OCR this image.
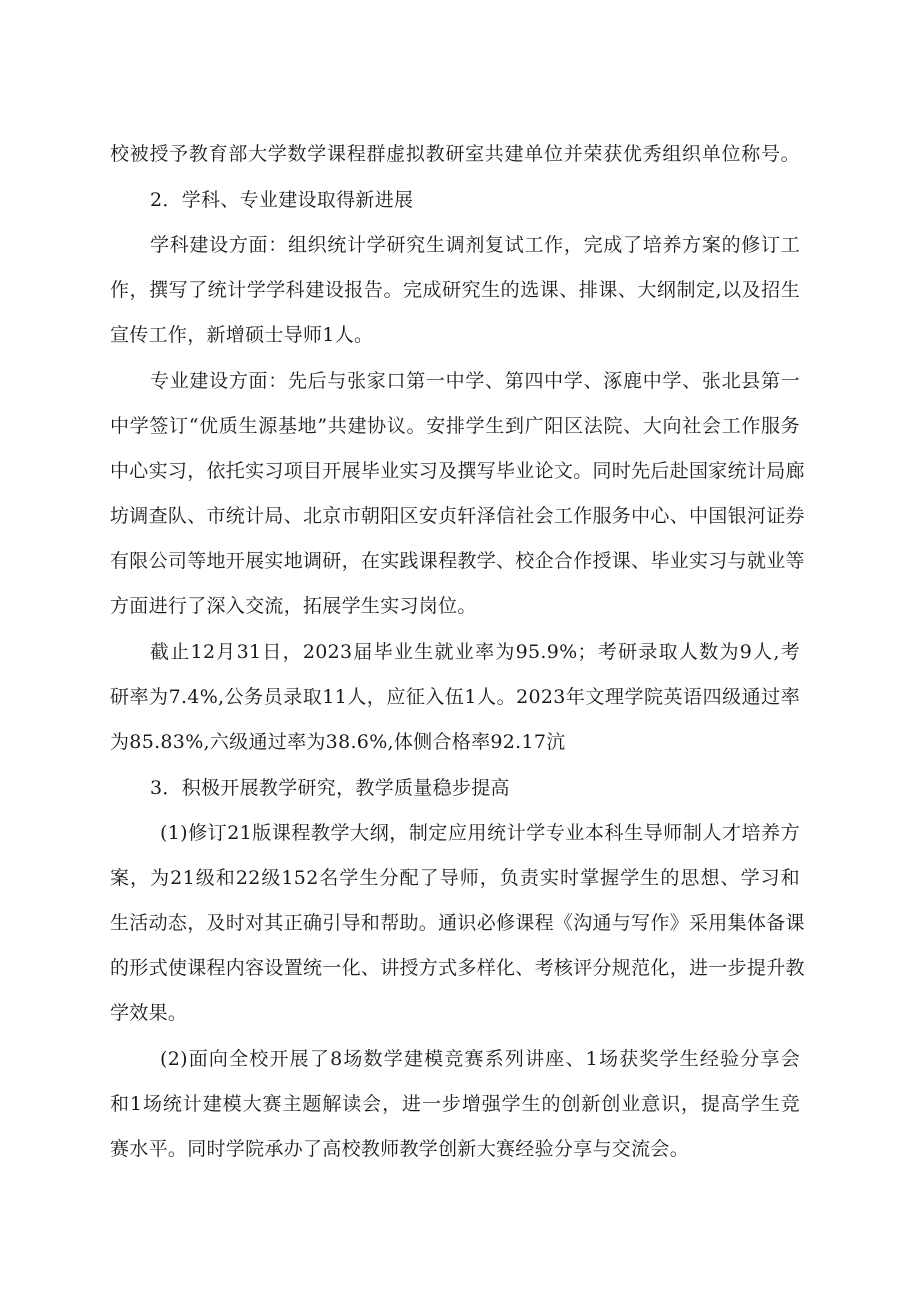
校被授予教育部大学数学课程群虚拟教研室共建单位并荣获优秀组织单位称号。
2．学科、专业建设取得新进展
学科建设方面：组织统计学研究生调剂复试工作，完成了培养方案的修订工
作，撰写了统计学学科建设报告。完成研究生的选课、排课、大纲制定,以及招生
宣传工作，新增硕士导师1人。
专业建设方面：先后与张家口第一中学、第四中学、涿鹿中学、张北县第一
中学签订“优质生源基地”共建协议。安排学生到广阳区法院、大向社会工作服务
中心实习，依托实习项目开展毕业实习及撰写毕业论文。同时先后赴国家统计局廊
坊调查队、市统计局、北京市朝阳区安贞轩泽信社会工作服务中心、中国银河证券
有限公司等地开展实地调研，在实践课程教学、校企合作授课、毕业实习与就业等
方面进行了深入交流，拓展学生实习岗位。
截止12月31日，2023届毕业生就业率为95.9%；考研录取人数为9人,考
研率为7.4%,公务员录取11人，应征入伍1人。2023年文理学院英语四级通过率
为85.83%,六级通过率为38.6%,体侧合格率92.17沆
3．积极开展教学研究，教学质量稳步提高
(1)修订21版课程教学大纲，制定应用统计学专业本科生导师制人才培养方
案，为21级和22级152名学生分配了导师，负责实时掌握学生的思想、学习和
生活动态，及时对其正确引导和帮助。通识必修课程《沟通与写作》采用集体备课
的形式使课程内容设置统一化、讲授方式多样化、考核评分规范化，进一步提升教
学效果。
(2)面向全校开展了8场数学建模竞赛系列讲座、1场获奖学生经验分享会
和1场统计建模大赛主题解读会，进一步增强学生的创新创业意识，提高学生竞
赛水平。同时学院承办了高校教师教学创新大赛经验分享与交流会。
